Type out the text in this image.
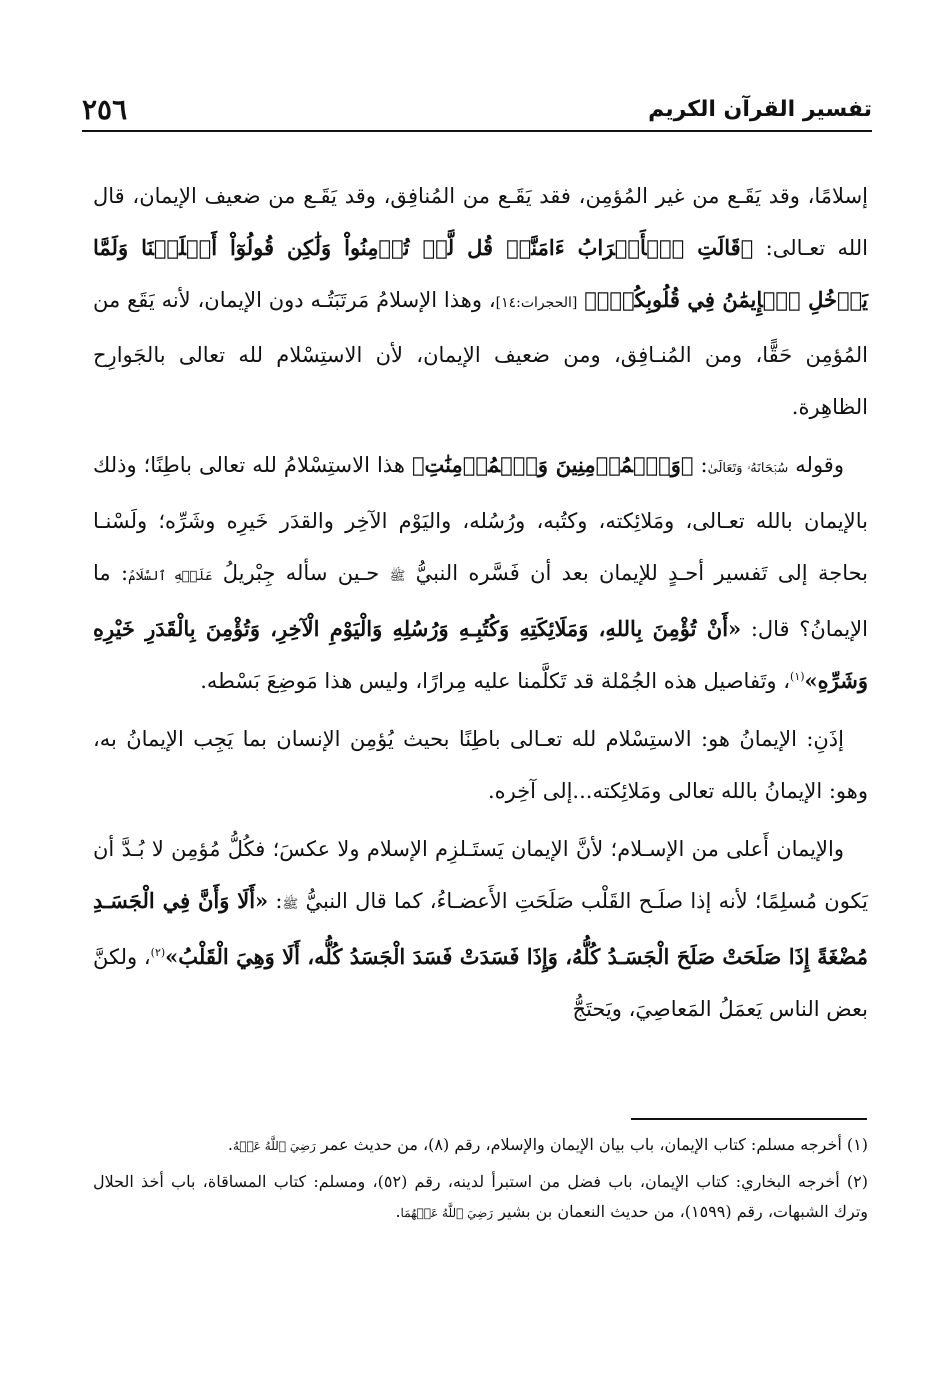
تفسير القرآن الكريم
٢٥٦

إسلامًا، وقد يَقَـع من غير المُؤمِن، فقد يَقَـع من المُنافِق، وقد يَقَـع من ضعيف الإيمان، قال الله تعـالى: ﴿قَالَتِ ٱلۡأَعۡرَابُ ءَامَنَّاۖ قُل لَّمۡ تُؤۡمِنُواْ وَلَٰكِن قُولُوٓاْ أَسۡلَمۡنَا وَلَمَّا يَدۡخُلِ ٱلۡإِيمَٰنُ فِي قُلُوبِكُمۡۖ﴾ [الحجرات:١٤]، وهذا الإسلامُ مَرتَبَتُـه دون الإيمان، لأنه يَقَع من المُؤمِن حَقًّا، ومن المُنـافِق، ومن ضعيف الإيمان، لأن الاستِسْلام لله تعالى بالجَوارِح الظاهِرة.

وقوله سُبۡحَانَهُۥ وَتَعَالَىٰ: ﴿وَٱلۡمُؤۡمِنِينَ وَٱلۡمُؤۡمِنَٰتِ﴾ هذا الاستِسْلامُ لله تعالى باطِنًا؛ وذلك بالإيمان بالله تعـالى، ومَلائِكته، وكتُبه، ورُسُله، واليَوْم الآخِر والقدَر خَيرِه وشَرِّه؛ ولَسْنـا بحاجة إلى تَفسير أحـدٍ للإيمان بعد أن فَسَّره النبيُّ ﷺ حـين سأله جِبْريلُ عَلَيۡهِ ٱلسَّلَامُ: ما الإيمانُ؟ قال: «أَنْ تُؤْمِنَ بِاللهِ، وَمَلَائِكَتِهِ وَكُتُبِـهِ وَرُسُلِهِ وَالْيَوْمِ الْآخِرِ، وَتُؤْمِنَ بِالْقَدَرِ خَيْرِهِ وَشَرِّهِ»$^{(١)}$، وتَفاصيل هذه الجُمْلة قد تَكلَّمنا عليه مِرارًا، وليس هذا مَوضِعَ بَسْطه.

إذَنِ: الإيمانُ هو: الاستِسْلام لله تعـالى باطِنًا بحيث يُؤمِن الإنسان بما يَجِب الإيمانُ به، وهو: الإيمانُ بالله تعالى ومَلائِكته...إلى آخِره.

والإيمان أَعلى من الإسـلام؛ لأنَّ الإيمان يَستَـلزِم الإسلام ولا عكسَ؛ فكُلُّ مُؤمِن لا بُـدَّ أن يَكون مُسلِمًا؛ لأنه إذا صلَـح القَلْب صَلَحَتِ الأَعضـاءُ، كما قال النبيُّ ﷺ: «أَلَا وَأَنَّ فِي الْجَسَـدِ مُضْغَةً إِذَا صَلَحَتْ صَلَحَ الْجَسَـدُ كُلُّهُ، وَإِذَا فَسَدَتْ فَسَدَ الْجَسَدُ كُلُّه، أَلَا وَهِيَ الْقَلْبُ»$^{(٢)}$، ولكنَّ بعض الناس يَعمَلُ المَعاصِيَ، ويَحتَجُّ

(١) أخرجه مسلم: كتاب الإيمان، باب بيان الإيمان والإسلام، رقم (٨)، من حديث عمر رَضِيَ ٱللَّهُ عَنۡهُ.

(٢) أخرجه البخاري: كتاب الإيمان، باب فضل من استبرأ لدينه، رقم (٥٢)، ومسلم: كتاب المساقاة، باب أخذ الحلال وترك الشبهات، رقم (١٥٩٩)، من حديث النعمان بن بشير رَضِيَ ٱللَّهُ عَنۡهُمَا.
